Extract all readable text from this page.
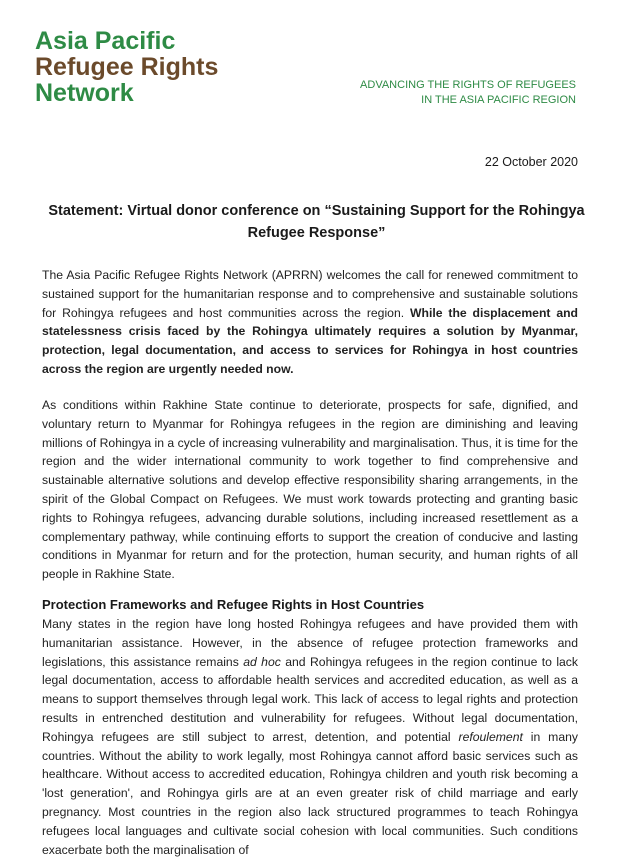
Asia Pacific
Refugee Rights
Network	ADVANCING THE RIGHTS OF REFUGEES
IN THE ASIA PACIFIC REGION
22 October 2020
Statement: Virtual donor conference on “Sustaining Support for the Rohingya Refugee Response”
The Asia Pacific Refugee Rights Network (APRRN) welcomes the call for renewed commitment to sustained support for the humanitarian response and to comprehensive and sustainable solutions for Rohingya refugees and host communities across the region. While the displacement and statelessness crisis faced by the Rohingya ultimately requires a solution by Myanmar, protection, legal documentation, and access to services for Rohingya in host countries across the region are urgently needed now.
As conditions within Rakhine State continue to deteriorate, prospects for safe, dignified, and voluntary return to Myanmar for Rohingya refugees in the region are diminishing and leaving millions of Rohingya in a cycle of increasing vulnerability and marginalisation. Thus, it is time for the region and the wider international community to work together to find comprehensive and sustainable alternative solutions and develop effective responsibility sharing arrangements, in the spirit of the Global Compact on Refugees. We must work towards protecting and granting basic rights to Rohingya refugees, advancing durable solutions, including increased resettlement as a complementary pathway, while continuing efforts to support the creation of conducive and lasting conditions in Myanmar for return and for the protection, human security, and human rights of all people in Rakhine State.
Protection Frameworks and Refugee Rights in Host Countries
Many states in the region have long hosted Rohingya refugees and have provided them with humanitarian assistance. However, in the absence of refugee protection frameworks and legislations, this assistance remains ad hoc and Rohingya refugees in the region continue to lack legal documentation, access to affordable health services and accredited education, as well as a means to support themselves through legal work. This lack of access to legal rights and protection results in entrenched destitution and vulnerability for refugees. Without legal documentation, Rohingya refugees are still subject to arrest, detention, and potential refoulement in many countries. Without the ability to work legally, most Rohingya cannot afford basic services such as healthcare. Without access to accredited education, Rohingya children and youth risk becoming a 'lost generation', and Rohingya girls are at an even greater risk of child marriage and early pregnancy. Most countries in the region also lack structured programmes to teach Rohingya refugees local languages and cultivate social cohesion with local communities. Such conditions exacerbate both the marginalisation of
